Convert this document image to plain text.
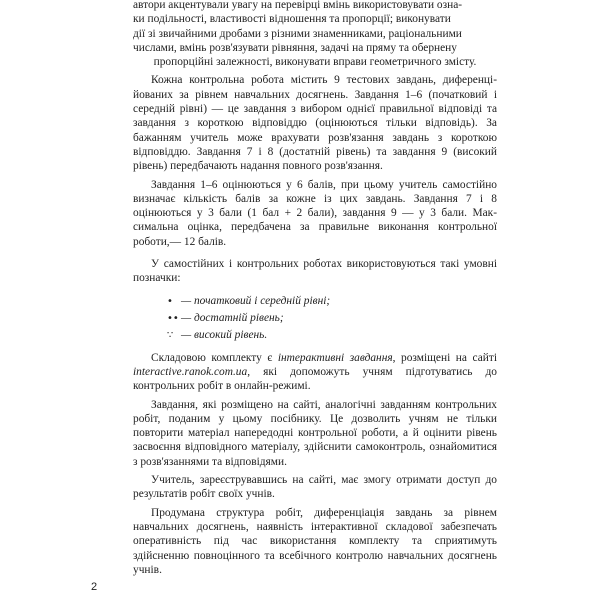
автори акцентували увагу на перевірці вмінь використовувати озна-

ки подільності, властивості відношення та пропорції; виконувати

дії зі звичайними дробами з різними знаменниками, раціональними

числами, вмінь розв'язувати рівняння, задачі на пряму та обернену

пропорційні залежності, виконувати вправи геометричного змісту.

Кожна контрольна робота містить 9 тестових завдань, диференційованих за рівнем навчальних досягнень. Завдання 1–6 (початковий і середній рівні) — це завдання з вибором однієї правильної відповіді та завдання з короткою відповіддю (оцінюються тільки відповідь). За бажанням учитель може врахувати розв'язання завдань з короткою відповіддю. Завдання 7 і 8 (достатній рівень) та завдання 9 (високий рівень) передбачають надання повного розв'язання.

Завдання 1–6 оцінюються у 6 балів, при цьому учитель самостійно визначає кількість балів за кожне із цих завдань. Завдання 7 і 8 оцінюються у 3 бали (1 бал + 2 бали), завдання 9 — у 3 бали. Максимальна оцінка, передбачена за правильне виконання контрольної роботи,— 12 балів.

У самостійних і контрольних роботах використовуються такі умовні позначки:

• — початковий і середній рівні;
•• — достатній рівень;
∵ — високий рівень.

Складовою комплекту є інтерактивні завдання, розміщені на сайті interactive.ranok.com.ua, які допоможуть учням підготуватись до контрольних робіт в онлайн-режимі.

Завдання, які розміщено на сайті, аналогічні завданням контрольних робіт, поданим у цьому посібнику. Це дозволить учням не тільки повторити матеріал напередодні контрольної роботи, а й оцінити рівень засвоєння відповідного матеріалу, здійснити самоконтроль, ознайомитися з розв'язаннями та відповідями.

Учитель, зареєструвавшись на сайті, має змогу отримати доступ до результатів робіт своїх учнів.

Продумана структура робіт, диференціація завдань за рівнем навчальних досягнень, наявність інтерактивної складової забезпечать оперативність під час використання комплекту та сприятимуть здійсненню повноцінного та всебічного контролю навчальних досягнень учнів.

2
